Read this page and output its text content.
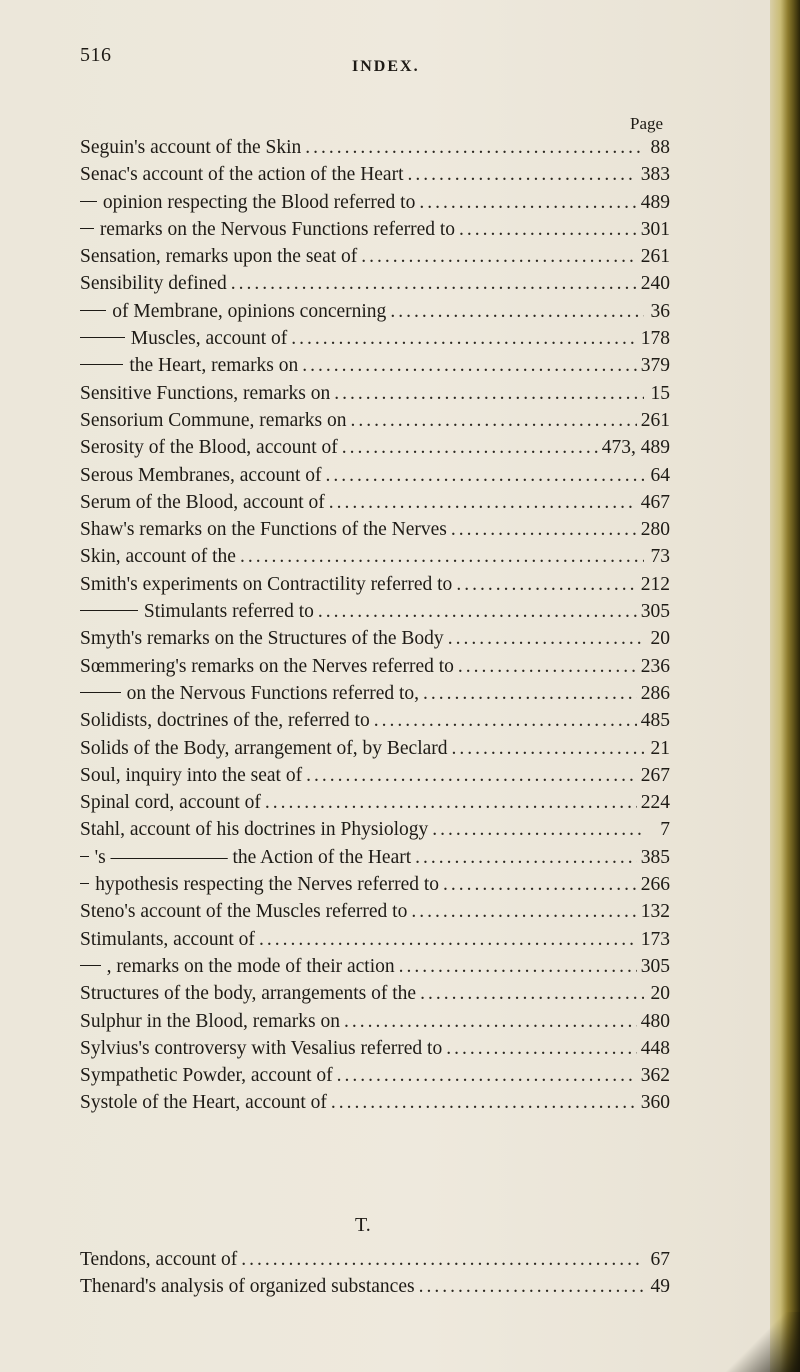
516
INDEX.
Page
Seguin's account of the Skin .....	88
Senac's account of the action of the Heart .....	383
opinion respecting the Blood referred to .....	489
remarks on the Nervous Functions referred to .....	301
Sensation, remarks upon the seat of .....	261
Sensibility defined .....	240
of Membrane, opinions concerning .....	36
Muscles, account of .....	178
the Heart, remarks on .....	379
Sensitive Functions, remarks on .....	15
Sensorium Commune, remarks on .....	261
Serosity of the Blood, account of .....	473, 489
Serous Membranes, account of .....	64
Serum of the Blood, account of .....	467
Shaw's remarks on the Functions of the Nerves .....	280
Skin, account of the .....	73
Smith's experiments on Contractility referred to .....	212
Stimulants referred to .....	305
Smyth's remarks on the Structures of the Body .....	20
Sœmmering's remarks on the Nerves referred to .....	236
on the Nervous Functions referred to, .....	286
Solidists, doctrines of the, referred to .....	485
Solids of the Body, arrangement of, by Beclard .....	21
Soul, inquiry into the seat of .....	267
Spinal cord, account of .....	224
Stahl, account of his doctrines in Physiology .....	7
's —————— the Action of the Heart .....	385
hypothesis respecting the Nerves referred to .....	266
Steno's account of the Muscles referred to .....	132
Stimulants, account of .....	173
, remarks on the mode of their action .....	305
Structures of the body, arrangements of the .....	20
Sulphur in the Blood, remarks on .....	480
Sylvius's controversy with Vesalius referred to .....	448
Sympathetic Powder, account of .....	362
Systole of the Heart, account of .....	360
T.
Tendons, account of .....	67
Thenard's analysis of organized substances .....	49
